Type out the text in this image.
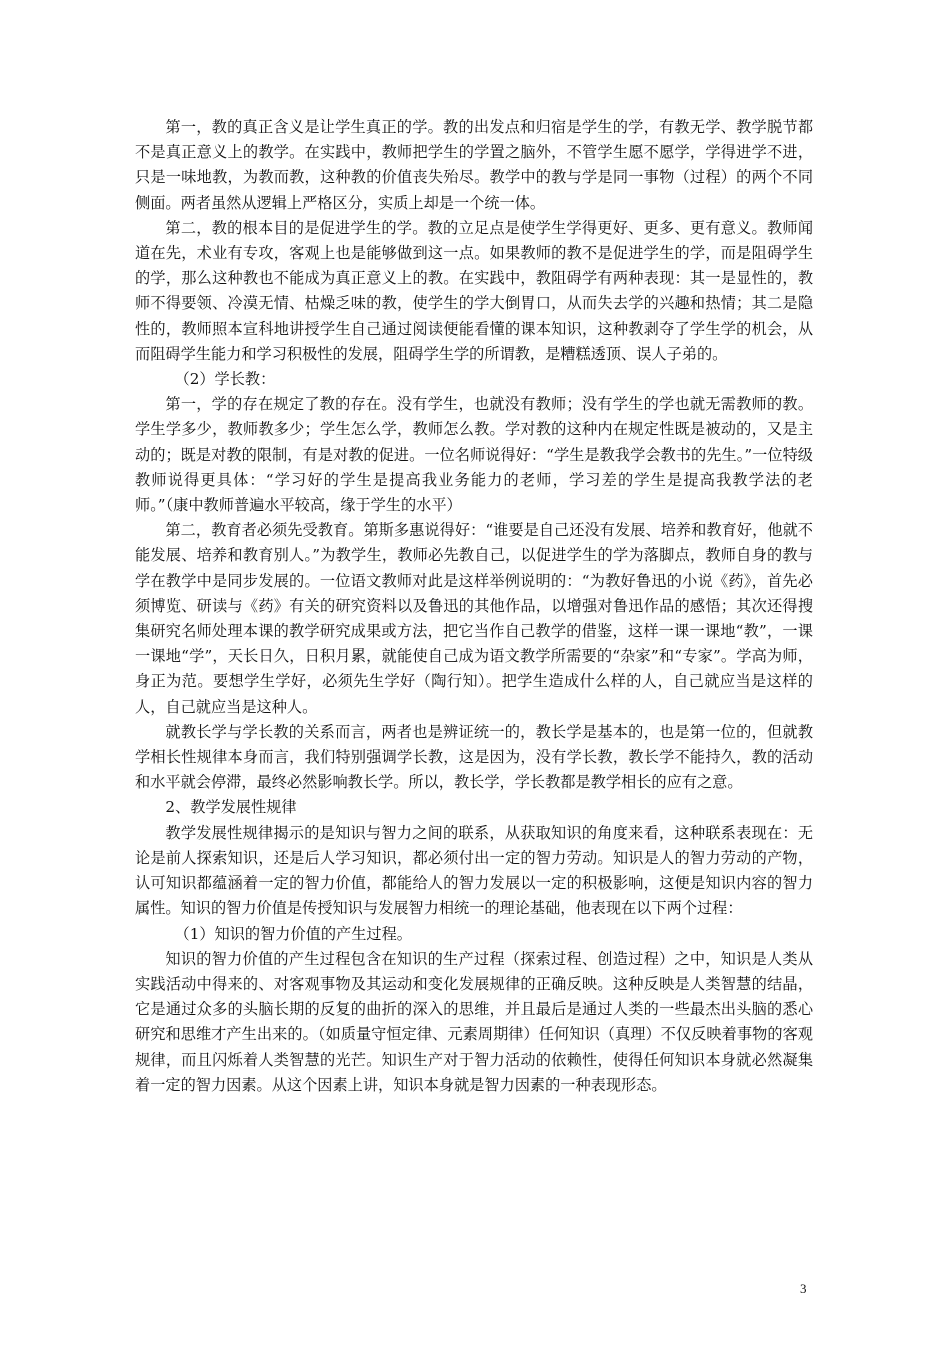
第一，教的真正含义是让学生真正的学。教的出发点和归宿是学生的学，有教无学、教学脱节都不是真正意义上的教学。在实践中，教师把学生的学置之脑外，不管学生愿不愿学，学得进学不进，只是一味地教，为教而教，这种教的价值丧失殆尽。教学中的教与学是同一事物（过程）的两个不同侧面。两者虽然从逻辑上严格区分，实质上却是一个统一体。

第二，教的根本目的是促进学生的学。教的立足点是使学生学得更好、更多、更有意义。教师闻道在先，术业有专攻，客观上也是能够做到这一点。如果教师的教不是促进学生的学，而是阻碍学生的学，那么这种教也不能成为真正意义上的教。在实践中，教阻碍学有两种表现：其一是显性的，教师不得要领、冷漠无情、枯燥乏味的教，使学生的学大倒胃口，从而失去学的兴趣和热情；其二是隐性的，教师照本宣科地讲授学生自己通过阅读便能看懂的课本知识，这种教剥夺了学生学的机会，从而阻碍学生能力和学习积极性的发展，阻碍学生学的所谓教，是糟糕透顶、误人子弟的。

（2）学长教：

第一，学的存在规定了教的存在。没有学生，也就没有教师；没有学生的学也就无需教师的教。学生学多少，教师教多少；学生怎么学，教师怎么教。学对教的这种内在规定性既是被动的，又是主动的；既是对教的限制，有是对教的促进。一位名师说得好：“学生是教我学会教书的先生。”一位特级教师说得更具体：“学习好的学生是提高我业务能力的老师，学习差的学生是提高我教学法的老师。”（康中教师普遍水平较高，缘于学生的水平）

第二，教育者必须先受教育。第斯多惠说得好：“谁要是自己还没有发展、培养和教育好，他就不能发展、培养和教育别人。”为教学生，教师必先教自己，以促进学生的学为落脚点，教师自身的教与学在教学中是同步发展的。一位语文教师对此是这样举例说明的：“为教好鲁迅的小说《药》，首先必须博览、研读与《药》有关的研究资料以及鲁迅的其他作品，以增强对鲁迅作品的感悟；其次还得搜集研究名师处理本课的教学研究成果或方法，把它当作自己教学的借鉴，这样一课一课地“教”，一课一课地“学”，天长日久，日积月累，就能使自己成为语文教学所需要的“杂家”和“专家”。学高为师，身正为范。要想学生学好，必须先生学好（陶行知）。把学生造成什么样的人，自己就应当是这样的人，自己就应当是这种人。

就教长学与学长教的关系而言，两者也是辨证统一的，教长学是基本的，也是第一位的，但就教学相长性规律本身而言，我们特别强调学长教，这是因为，没有学长教，教长学不能持久，教的活动和水平就会停滞，最终必然影响教长学。所以，教长学，学长教都是教学相长的应有之意。

2、教学发展性规律

教学发展性规律揭示的是知识与智力之间的联系，从获取知识的角度来看，这种联系表现在：无论是前人探索知识，还是后人学习知识，都必须付出一定的智力劳动。知识是人的智力劳动的产物，认可知识都蕴涵着一定的智力价值，都能给人的智力发展以一定的积极影响，这便是知识内容的智力属性。知识的智力价值是传授知识与发展智力相统一的理论基础，他表现在以下两个过程：

（1）知识的智力价值的产生过程。

知识的智力价值的产生过程包含在知识的生产过程（探索过程、创造过程）之中，知识是人类从实践活动中得来的、对客观事物及其运动和变化发展规律的正确反映。这种反映是人类智慧的结晶，它是通过众多的头脑长期的反复的曲折的深入的思维，并且最后是通过人类的一些最杰出头脑的悉心研究和思维才产生出来的。（如质量守恒定律、元素周期律）任何知识（真理）不仅反映着事物的客观规律，而且闪烁着人类智慧的光芒。知识生产对于智力活动的依赖性，使得任何知识本身就必然凝集着一定的智力因素。从这个因素上讲，知识本身就是智力因素的一种表现形态。

3
